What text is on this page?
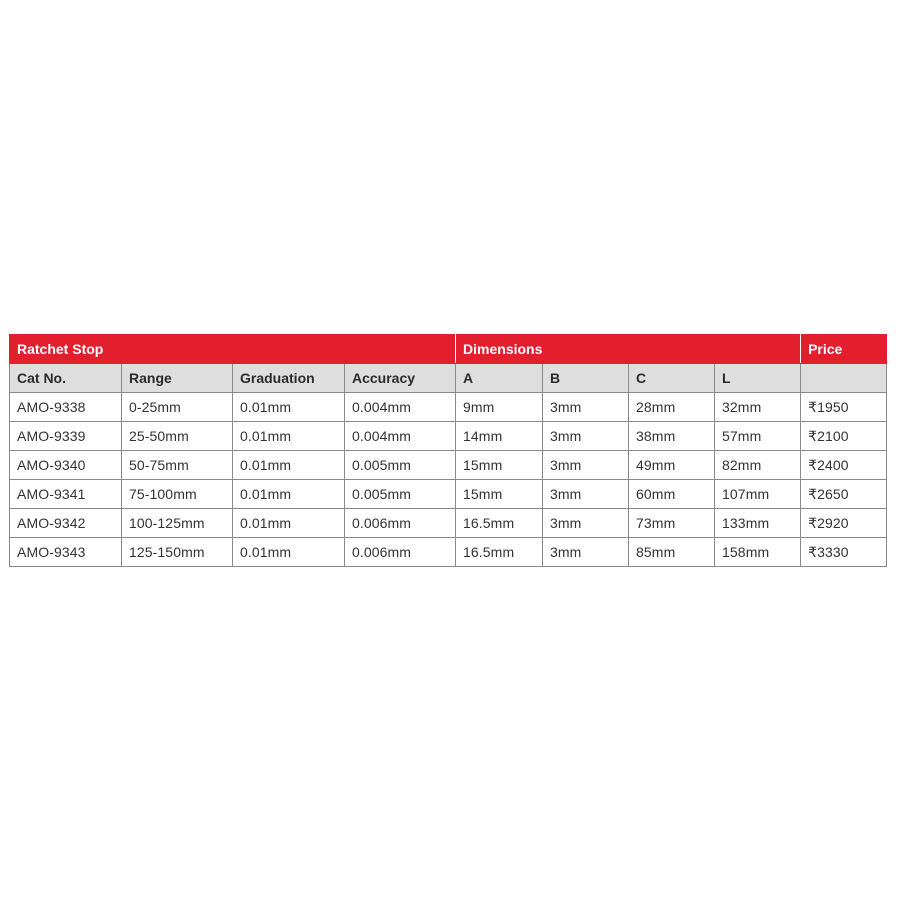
Ratchet Stop				Dimensions				Price
Cat No.	Range	Graduation	Accuracy	A	B	C	L	
AMO-9338	0-25mm	0.01mm	0.004mm	9mm	3mm	28mm	32mm	₹1950
AMO-9339	25-50mm	0.01mm	0.004mm	14mm	3mm	38mm	57mm	₹2100
AMO-9340	50-75mm	0.01mm	0.005mm	15mm	3mm	49mm	82mm	₹2400
AMO-9341	75-100mm	0.01mm	0.005mm	15mm	3mm	60mm	107mm	₹2650
AMO-9342	100-125mm	0.01mm	0.006mm	16.5mm	3mm	73mm	133mm	₹2920
AMO-9343	125-150mm	0.01mm	0.006mm	16.5mm	3mm	85mm	158mm	₹3330
